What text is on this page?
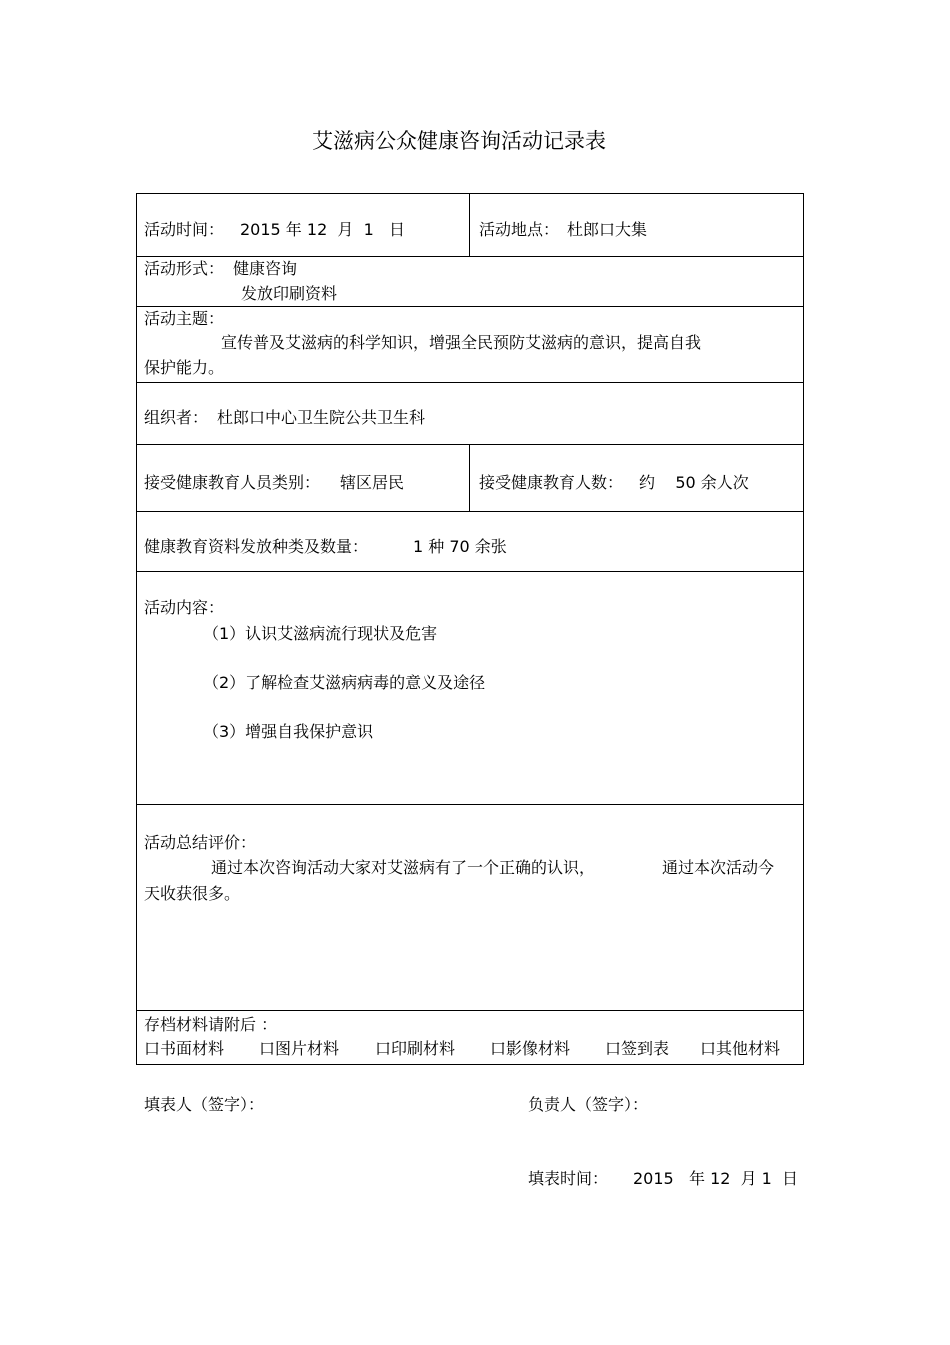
艾滋病公众健康咨询活动记录表
活动时间： 2015 年 12  月  1   日	活动地点： 杜郎口大集
活动形式： 健康咨询
发放印刷资料
活动主题：
宣传普及艾滋病的科学知识，增强全民预防艾滋病的意识，提高自我
保护能力。
组织者： 杜郎口中心卫生院公共卫生科
接受健康教育人员类别： 辖区居民	接受健康教育人数： 约    50 余人次
健康教育资料发放种类及数量：	1 种 70 余张
活动内容：
（1）认识艾滋病流行现状及危害
（2）了解检查艾滋病病毒的意义及途径
（3）增强自我保护意识
活动总结评价：
通过本次咨询活动大家对艾滋病有了一个正确的认识，	通过本次活动今
天收获很多。
存档材料请附后 ：
口书面材料 口图片材料 口印刷材料 口影像材料 口签到表 口其他材料
填表人（签字）：	负责人（签字）：
填表时间： 2015   年 12  月 1  日
